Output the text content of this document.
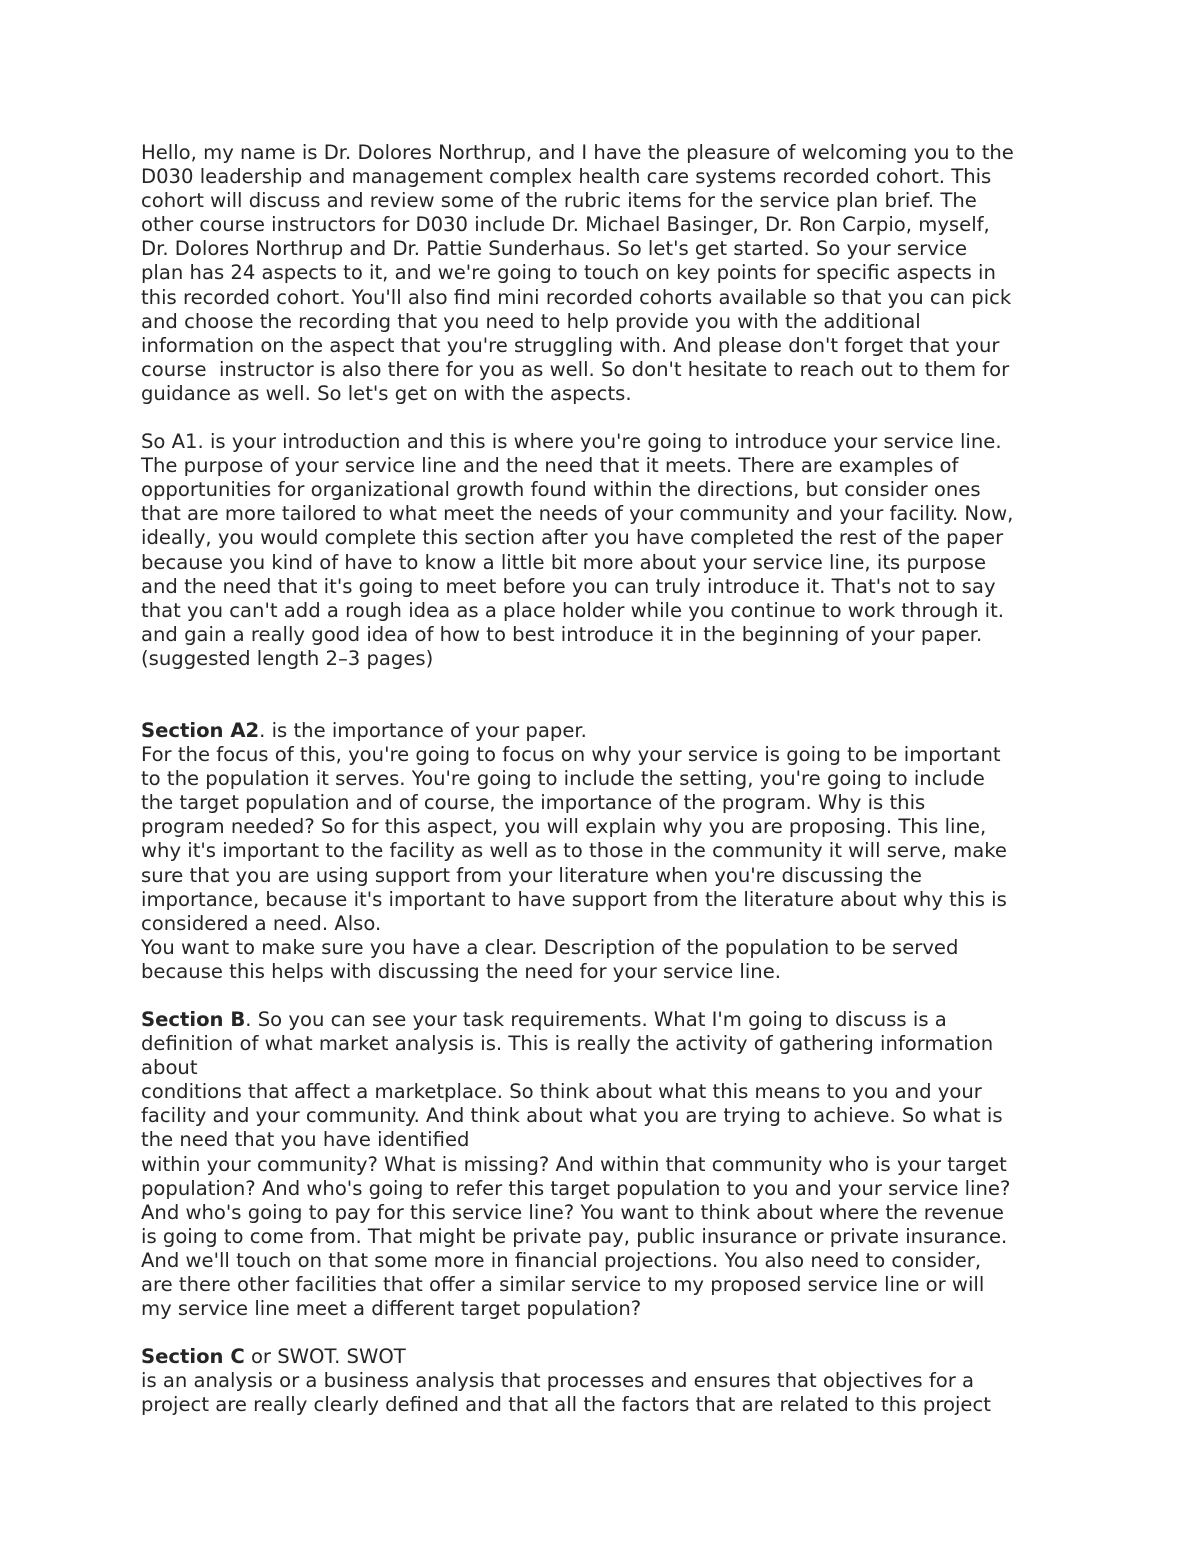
Hello, my name is Dr. Dolores Northrup, and I have the pleasure of welcoming you to the
D030 leadership and management complex health care systems recorded cohort. This
cohort will discuss and review some of the rubric items for the service plan brief. The
other course instructors for D030 include Dr. Michael Basinger, Dr. Ron Carpio, myself,
Dr. Dolores Northrup and Dr. Pattie Sunderhaus. So let's get started. So your service
plan has 24 aspects to it, and we're going to touch on key points for specific aspects in
this recorded cohort. You'll also find mini recorded cohorts available so that you can pick
and choose the recording that you need to help provide you with the additional
information on the aspect that you're struggling with. And please don't forget that your
course  instructor is also there for you as well. So don't hesitate to reach out to them for
guidance as well. So let's get on with the aspects.
So A1. is your introduction and this is where you're going to introduce your service line.
The purpose of your service line and the need that it meets. There are examples of
opportunities for organizational growth found within the directions, but consider ones
that are more tailored to what meet the needs of your community and your facility. Now,
ideally, you would complete this section after you have completed the rest of the paper
because you kind of have to know a little bit more about your service line, its purpose
and the need that it's going to meet before you can truly introduce it. That's not to say
that you can't add a rough idea as a place holder while you continue to work through it.
and gain a really good idea of how to best introduce it in the beginning of your paper.
(suggested length 2–3 pages)
Section A2. is the importance of your paper.
For the focus of this, you're going to focus on why your service is going to be important
to the population it serves. You're going to include the setting, you're going to include
the target population and of course, the importance of the program. Why is this
program needed? So for this aspect, you will explain why you are proposing. This line,
why it's important to the facility as well as to those in the community it will serve, make
sure that you are using support from your literature when you're discussing the
importance, because it's important to have support from the literature about why this is
considered a need. Also.
You want to make sure you have a clear. Description of the population to be served
because this helps with discussing the need for your service line.
Section B. So you can see your task requirements. What I'm going to discuss is a
definition of what market analysis is. This is really the activity of gathering information
about
conditions that affect a marketplace. So think about what this means to you and your
facility and your community. And think about what you are trying to achieve. So what is
the need that you have identified
within your community? What is missing? And within that community who is your target
population? And who's going to refer this target population to you and your service line?
And who's going to pay for this service line? You want to think about where the revenue
is going to come from. That might be private pay, public insurance or private insurance.
And we'll touch on that some more in financial projections. You also need to consider,
are there other facilities that offer a similar service to my proposed service line or will
my service line meet a different target population?
Section C or SWOT. SWOT
is an analysis or a business analysis that processes and ensures that objectives for a
project are really clearly defined and that all the factors that are related to this project
